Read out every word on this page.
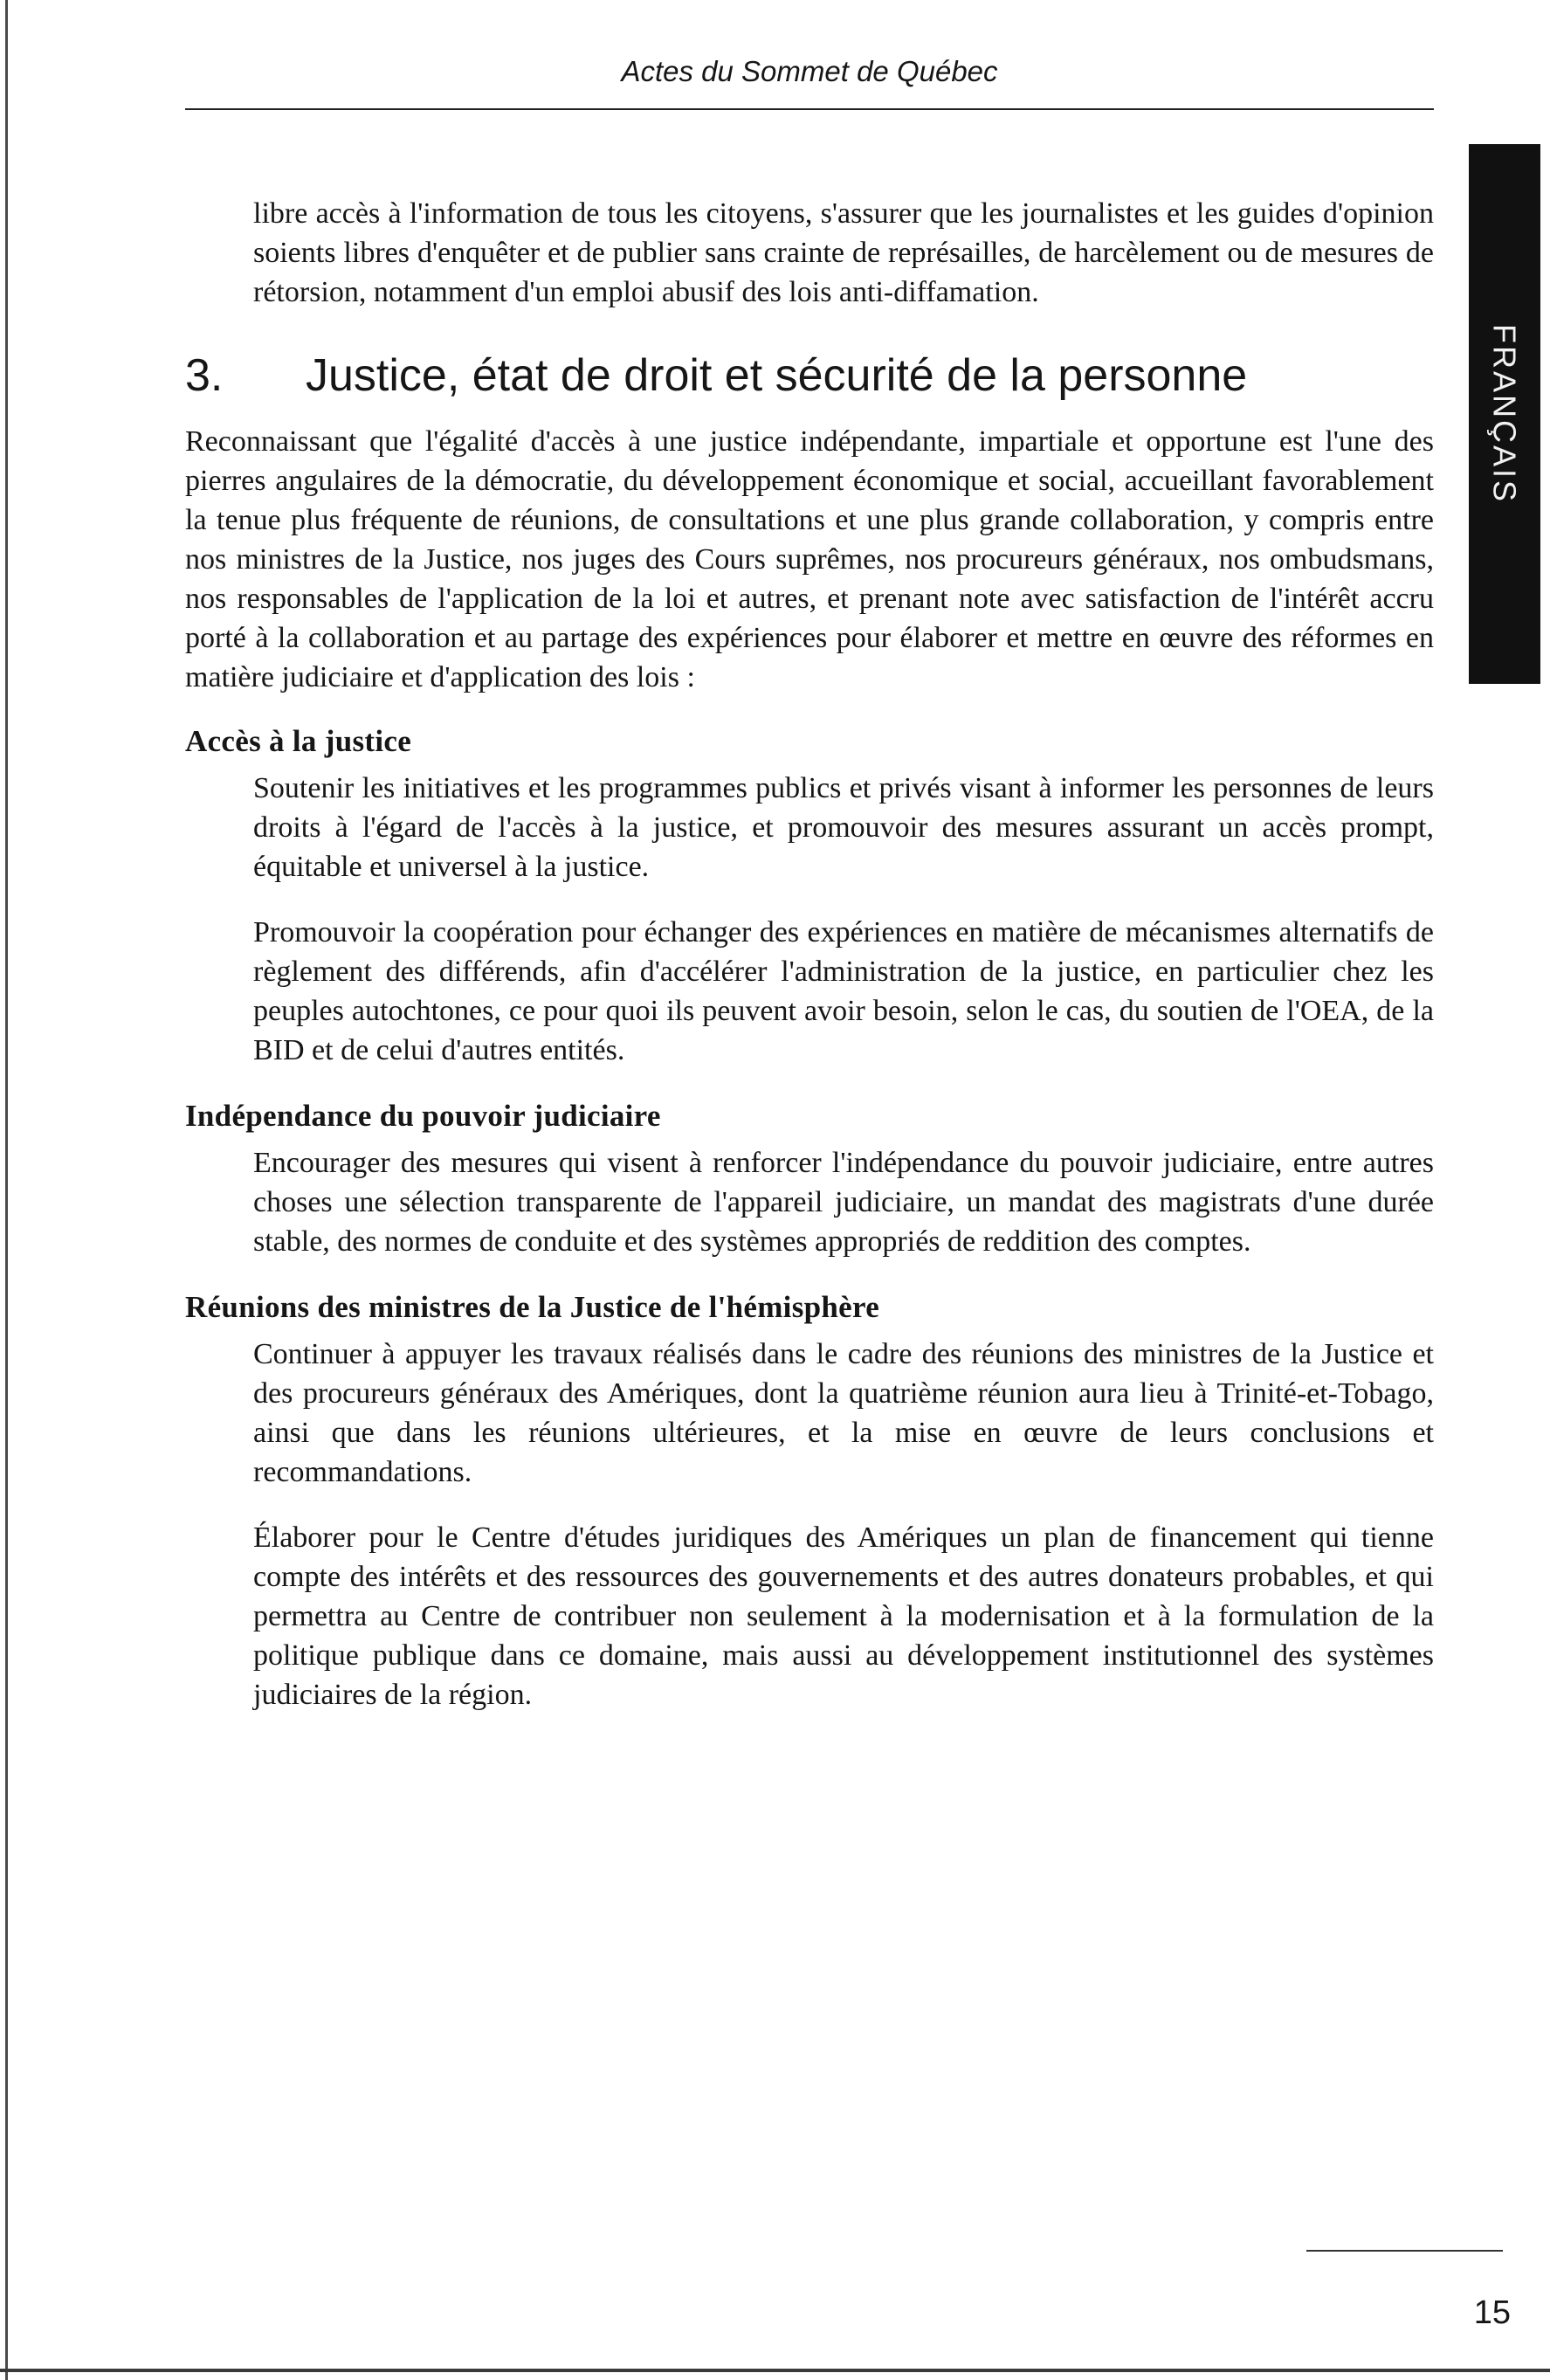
Actes du Sommet de Québec

FRANÇAIS

libre accès à l'information de tous les citoyens, s'assurer que les journalistes et les guides d'opinion soients libres d'enquêter et de publier sans crainte de représailles, de harcèlement ou de mesures de rétorsion, notamment d'un emploi abusif des lois anti-diffamation.

3.	Justice, état de droit et sécurité de la personne

Reconnaissant que l'égalité d'accès à une justice indépendante, impartiale et opportune est l'une des pierres angulaires de la démocratie, du développement économique et social, accueillant favorablement la tenue plus fréquente de réunions, de consultations et une plus grande collaboration, y compris entre nos ministres de la Justice, nos juges des Cours suprêmes, nos procureurs généraux, nos ombudsmans, nos responsables de l'application de la loi et autres, et prenant note avec satisfaction de l'intérêt accru porté à la collaboration et au partage des expériences pour élaborer et mettre en œuvre des réformes en matière judiciaire et d'application des lois :

Accès à la justice

Soutenir les initiatives et les programmes publics et privés visant à informer les personnes de leurs droits à l'égard de l'accès à la justice, et promouvoir des mesures assurant un accès prompt, équitable et universel à la justice.

Promouvoir la coopération pour échanger des expériences en matière de mécanismes alternatifs de règlement des différends, afin d'accélérer l'administration de la justice, en particulier chez les peuples autochtones, ce pour quoi ils peuvent avoir besoin, selon le cas, du soutien de l'OEA, de la BID et de celui d'autres entités.

Indépendance du pouvoir judiciaire

Encourager des mesures qui visent à renforcer l'indépendance du pouvoir judiciaire, entre autres choses une sélection transparente de l'appareil judiciaire, un mandat des magistrats d'une durée stable, des normes de conduite et des systèmes appropriés de reddition des comptes.

Réunions des ministres de la Justice de l'hémisphère

Continuer à appuyer les travaux réalisés dans le cadre des réunions des ministres de la Justice et des procureurs généraux des Amériques, dont la quatrième réunion aura lieu à Trinité-et-Tobago, ainsi que dans les réunions ultérieures, et la mise en œuvre de leurs conclusions et recommandations.

Élaborer pour le Centre d'études juridiques des Amériques un plan de financement qui tienne compte des intérêts et des ressources des gouvernements et des autres donateurs probables, et qui permettra au Centre de contribuer non seulement à la modernisation et à la formulation de la politique publique dans ce domaine, mais aussi au développement institutionnel des systèmes judiciaires de la région.

15
